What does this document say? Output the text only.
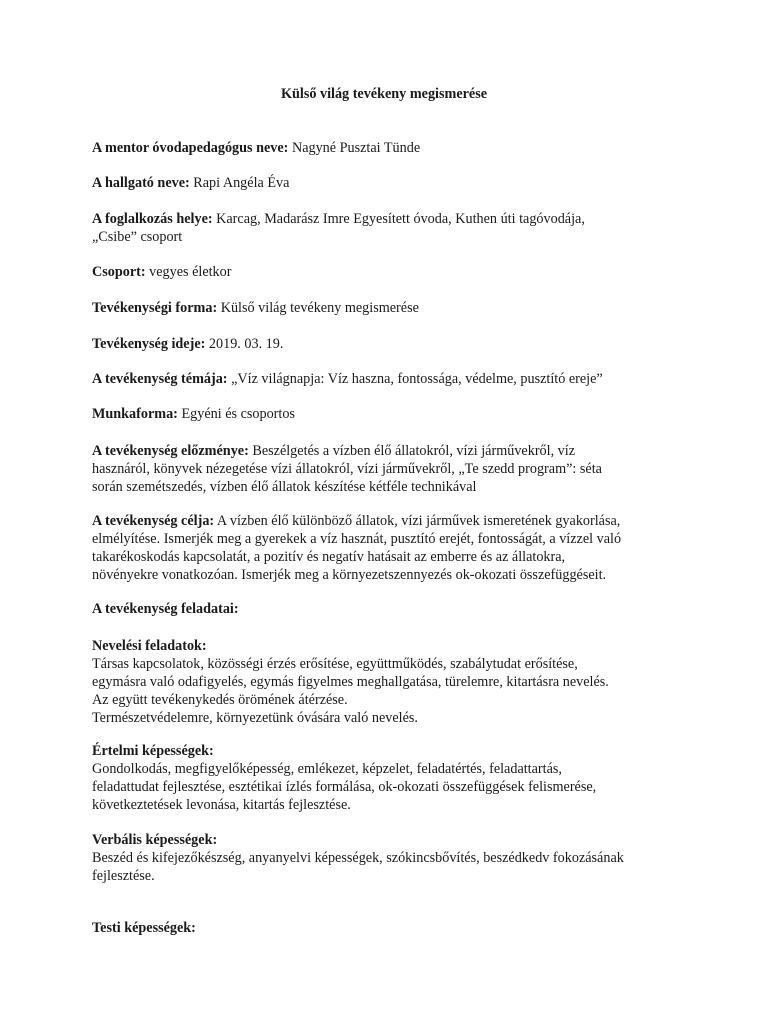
Külső világ tevékeny megismerése
A mentor óvodapedagógus neve: Nagyné Pusztai Tünde
A hallgató neve: Rapi Angéla Éva
A foglalkozás helye: Karcag, Madarász Imre Egyesített óvoda, Kuthen úti tagóvodája,
„Csibe” csoport
Csoport: vegyes életkor
Tevékenységi forma: Külső világ tevékeny megismerése
Tevékenység ideje: 2019. 03. 19.
A tevékenység témája: „Víz világnapja: Víz haszna, fontossága, védelme, pusztító ereje”
Munkaforma: Egyéni és csoportos
A tevékenység előzménye: Beszélgetés a vízben élő állatokról, vízi járművekről, víz
hasznáról, könyvek nézegetése vízi állatokról, vízi járművekről, „Te szedd program”: séta
során szemétszedés, vízben élő állatok készítése kétféle technikával
A tevékenység célja: A vízben élő különböző állatok, vízi járművek ismeretének gyakorlása,
elmélyítése. Ismerjék meg a gyerekek a víz hasznát, pusztító erejét, fontosságát, a vízzel való
takarékoskodás kapcsolatát, a pozitív és negatív hatásait az emberre és az állatokra,
növényekre vonatkozóan. Ismerjék meg a környezetszennyezés ok-okozati összefüggéseit.
A tevékenység feladatai:
Nevelési feladatok:
Társas kapcsolatok, közösségi érzés erősítése, együttműködés, szabálytudat erősítése,
egymásra való odafigyelés, egymás figyelmes meghallgatása, türelemre, kitartásra nevelés.
Az együtt tevékenykedés örömének átérzése.
Természetvédelemre, környezetünk óvására való nevelés.
Értelmi képességek:
Gondolkodás, megfigyelőképesség, emlékezet, képzelet, feladatértés, feladattartás,
feladattudat fejlesztése, esztétikai ízlés formálása, ok-okozati összefüggések felismerése,
következtetések levonása, kitartás fejlesztése.
Verbális képességek:
Beszéd és kifejezőkészség, anyanyelvi képességek, szókincsbővítés, beszédkedv fokozásának
fejlesztése.
Testi képességek:
